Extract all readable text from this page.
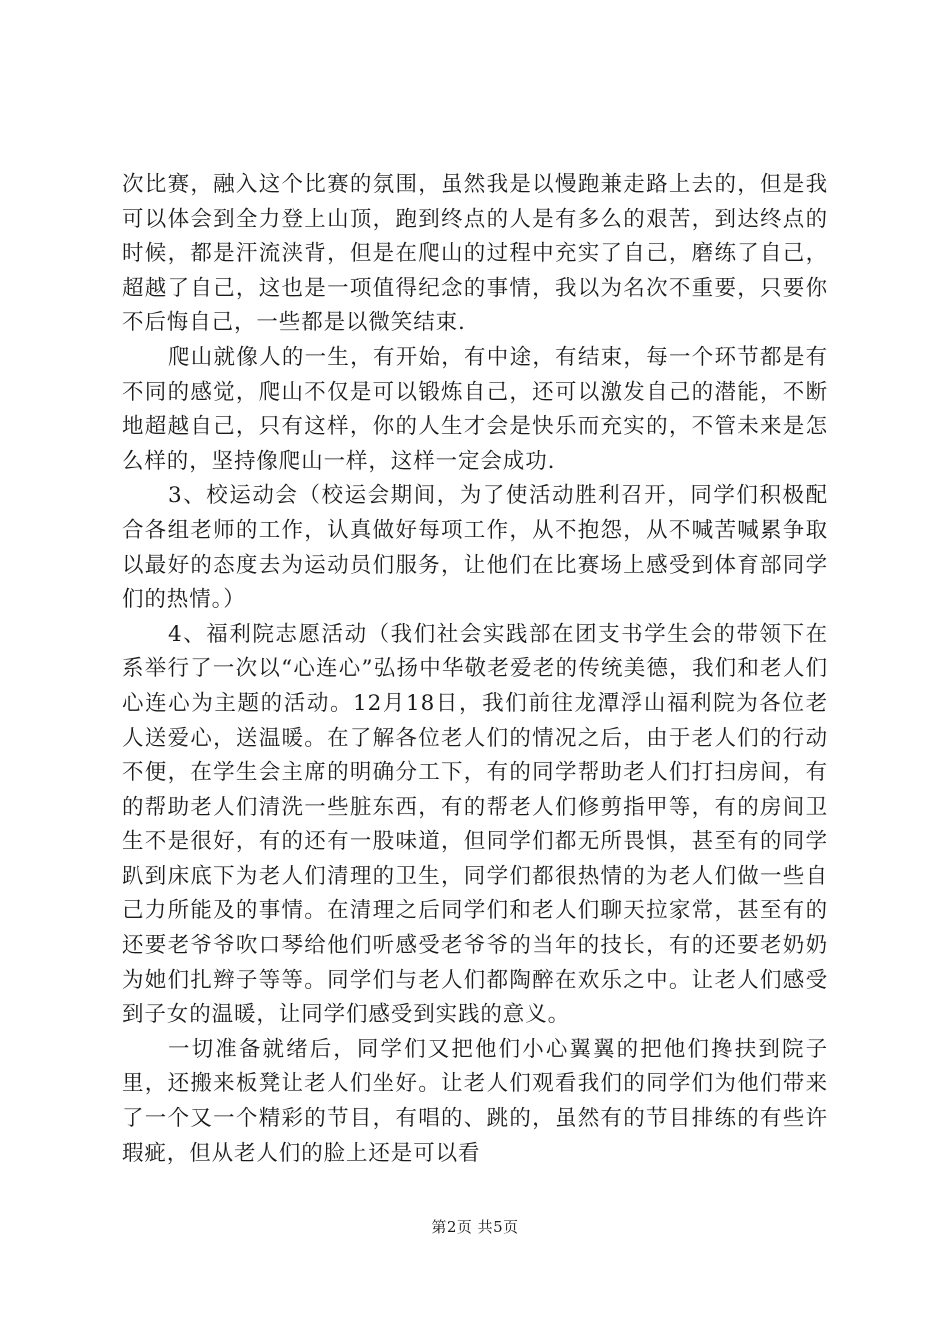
次比赛，融入这个比赛的氛围，虽然我是以慢跑兼走路上去的，但是我可以体会到全力登上山顶，跑到终点的人是有多么的艰苦，到达终点的时候，都是汗流浃背，但是在爬山的过程中充实了自己，磨练了自己，超越了自己，这也是一项值得纪念的事情，我以为名次不重要，只要你不后悔自己，一些都是以微笑结束.

爬山就像人的一生，有开始，有中途，有结束，每一个环节都是有不同的感觉，爬山不仅是可以锻炼自己，还可以激发自己的潜能，不断地超越自己，只有这样，你的人生才会是快乐而充实的，不管未来是怎么样的，坚持像爬山一样，这样一定会成功.

3、校运动会（校运会期间，为了使活动胜利召开，同学们积极配合各组老师的工作，认真做好每项工作，从不抱怨，从不喊苦喊累争取以最好的态度去为运动员们服务，让他们在比赛场上感受到体育部同学们的热情。）

4、福利院志愿活动（我们社会实践部在团支书学生会的带领下在系举行了一次以“心连心”弘扬中华敬老爱老的传统美德，我们和老人们心连心为主题的活动。12月18日，我们前往龙潭浮山福利院为各位老人送爱心，送温暖。在了解各位老人们的情况之后，由于老人们的行动不便，在学生会主席的明确分工下，有的同学帮助老人们打扫房间，有的帮助老人们清洗一些脏东西，有的帮老人们修剪指甲等，有的房间卫生不是很好，有的还有一股味道，但同学们都无所畏惧，甚至有的同学趴到床底下为老人们清理的卫生，同学们都很热情的为老人们做一些自己力所能及的事情。在清理之后同学们和老人们聊天拉家常，甚至有的还要老爷爷吹口琴给他们听感受老爷爷的当年的技长，有的还要老奶奶为她们扎辫子等等。同学们与老人们都陶醉在欢乐之中。让老人们感受到子女的温暖，让同学们感受到实践的意义。

一切准备就绪后，同学们又把他们小心翼翼的把他们搀扶到院子里，还搬来板凳让老人们坐好。让老人们观看我们的同学们为他们带来了一个又一个精彩的节目，有唱的、跳的，虽然有的节目排练的有些许瑕疵，但从老人们的脸上还是可以看

第2页 共5页
